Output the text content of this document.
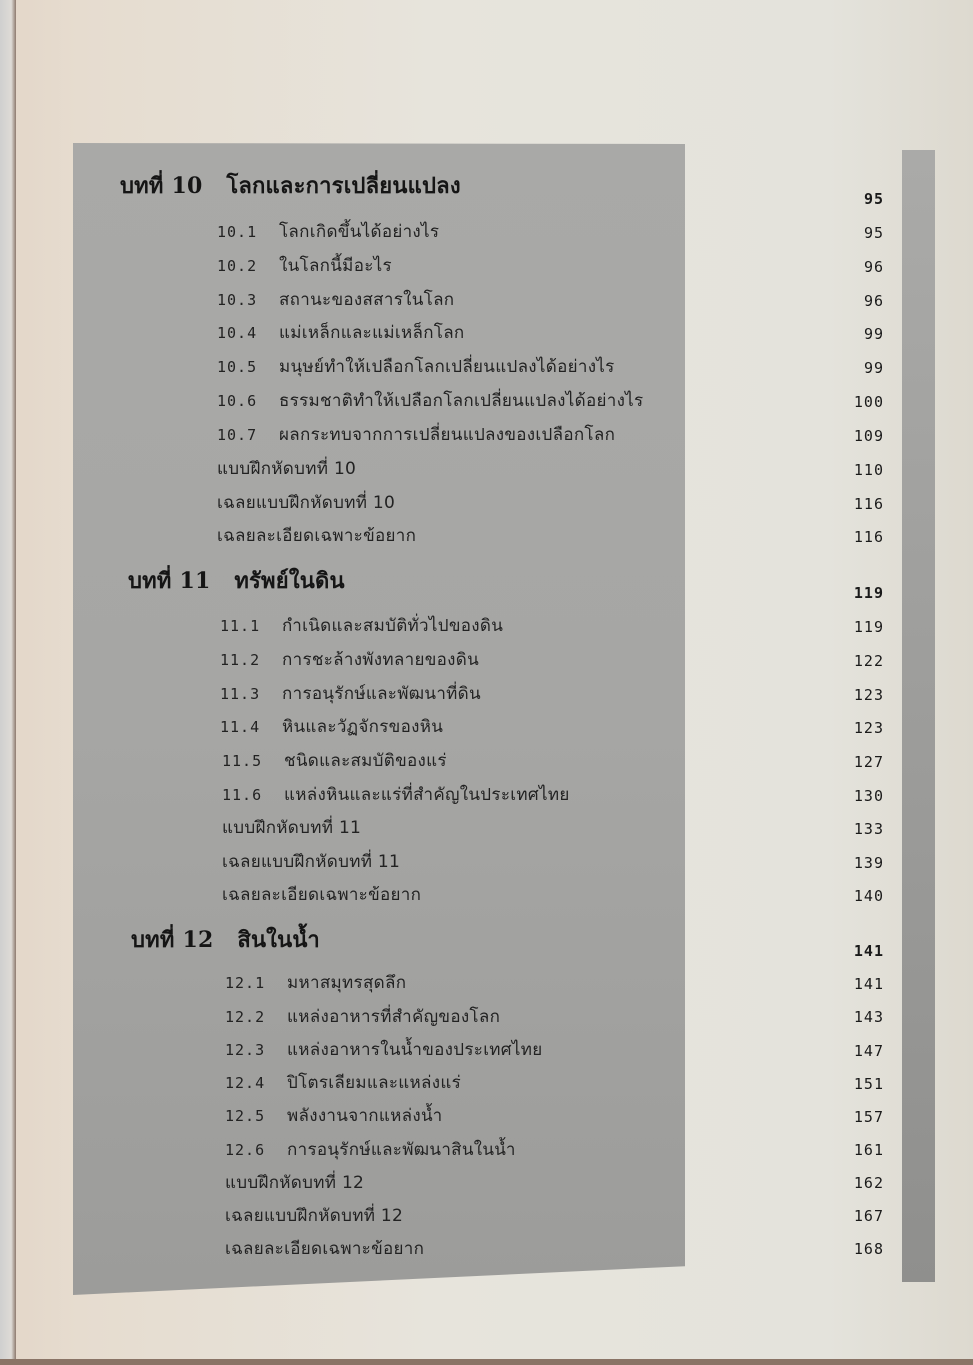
บทที่ 10 โลกและการเปลี่ยนแปลง	95
10.1 โลกเกิดขึ้นได้อย่างไร	95
10.2 ในโลกนี้มีอะไร	96
10.3 สถานะของสสารในโลก	96
10.4 แม่เหล็กและแม่เหล็กโลก	99
10.5 มนุษย์ทำให้เปลือกโลกเปลี่ยนแปลงได้อย่างไร	99
10.6 ธรรมชาติทำให้เปลือกโลกเปลี่ยนแปลงได้อย่างไร	100
10.7 ผลกระทบจากการเปลี่ยนแปลงของเปลือกโลก	109
แบบฝึกหัดบทที่ 10	110
เฉลยแบบฝึกหัดบทที่ 10	116
เฉลยละเอียดเฉพาะข้อยาก	116
บทที่ 11 ทรัพย์ในดิน	119
11.1 กำเนิดและสมบัติทั่วไปของดิน	119
11.2 การชะล้างพังทลายของดิน	122
11.3 การอนุรักษ์และพัฒนาที่ดิน	123
11.4 หินและวัฏจักรของหิน	123
11.5 ชนิดและสมบัติของแร่	127
11.6 แหล่งหินและแร่ที่สำคัญในประเทศไทย	130
แบบฝึกหัดบทที่ 11	133
เฉลยแบบฝึกหัดบทที่ 11	139
เฉลยละเอียดเฉพาะข้อยาก	140
บทที่ 12 สินในน้ำ	141
12.1 มหาสมุทรสุดลึก	141
12.2 แหล่งอาหารที่สำคัญของโลก	143
12.3 แหล่งอาหารในน้ำของประเทศไทย	147
12.4 ปิโตรเลียมและแหล่งแร่	151
12.5 พลังงานจากแหล่งน้ำ	157
12.6 การอนุรักษ์และพัฒนาสินในน้ำ	161
แบบฝึกหัดบทที่ 12	162
เฉลยแบบฝึกหัดบทที่ 12	167
เฉลยละเอียดเฉพาะข้อยาก	168
